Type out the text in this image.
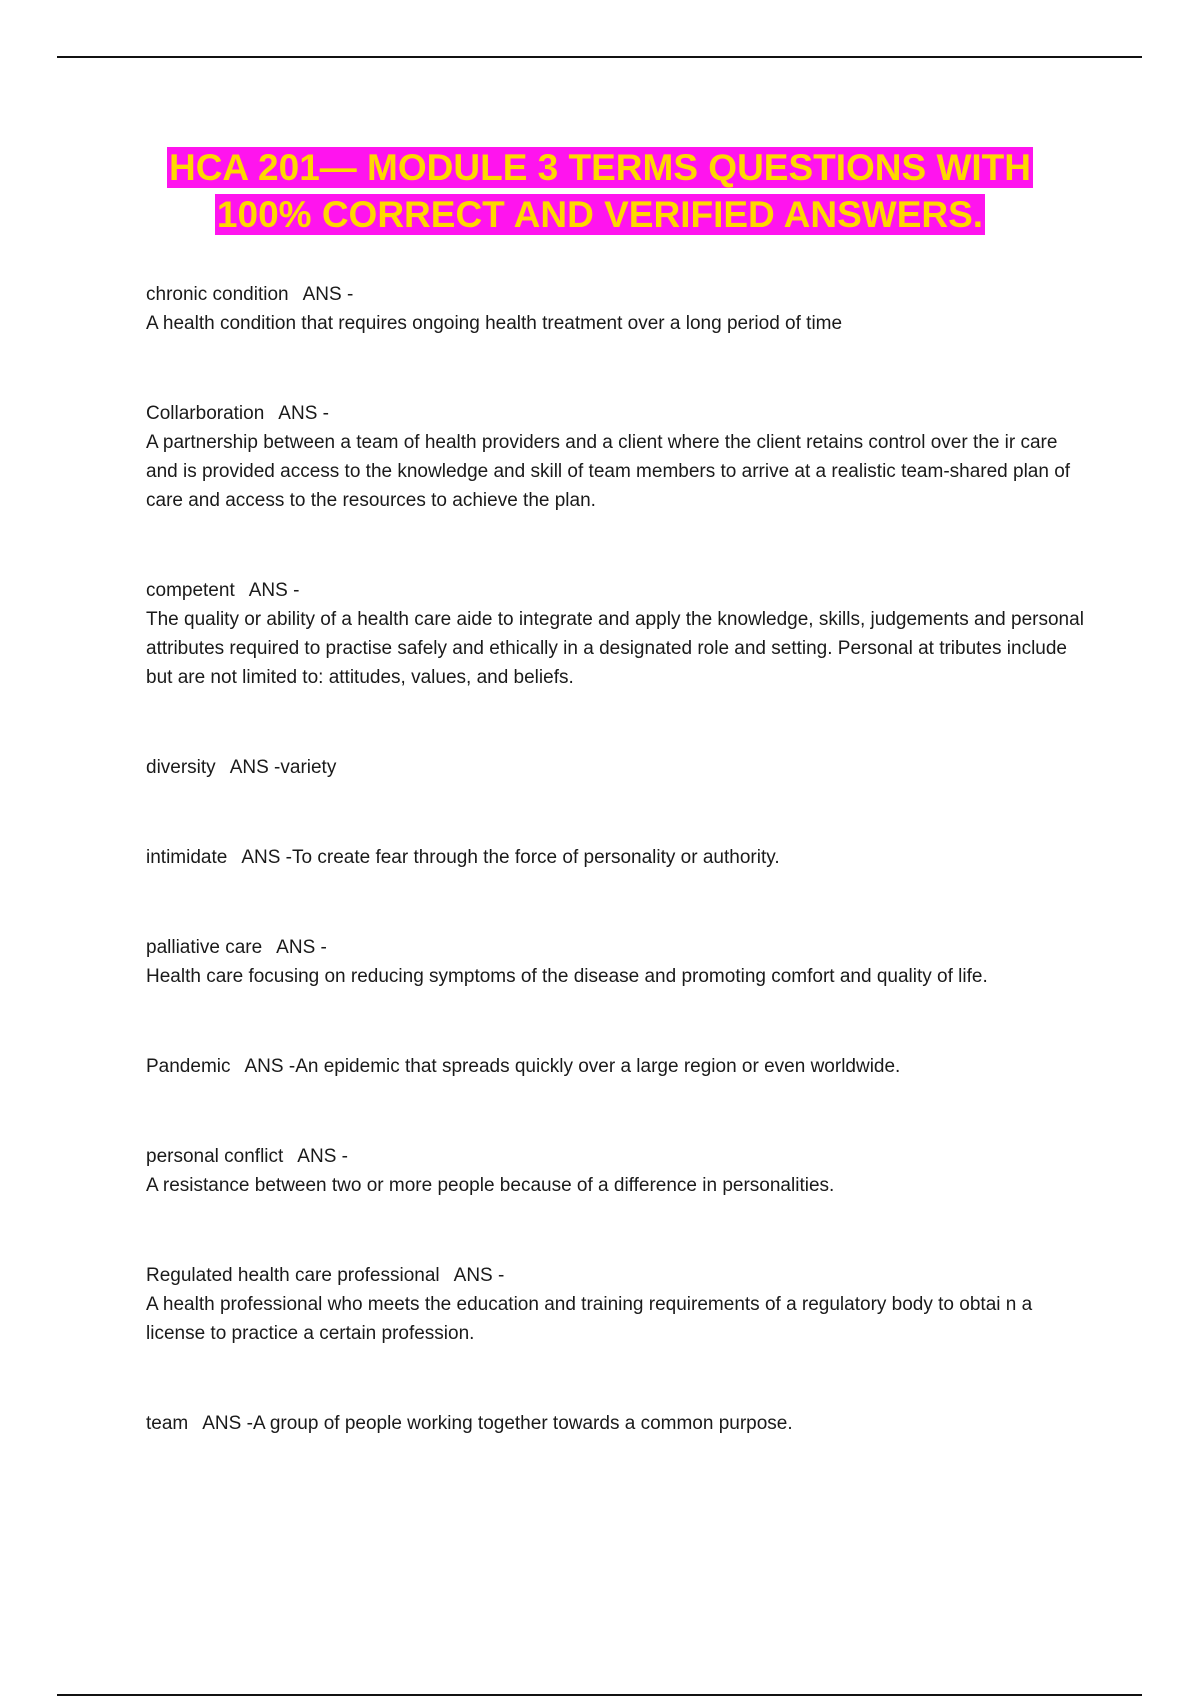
HCA 201— MODULE 3 TERMS QUESTIONS WITH
100% CORRECT AND VERIFIED ANSWERS.
chronic condition ANS -
A health condition that requires ongoing health treatment over a long period of time
Collarboration ANS -
A partnership between a team of health providers and a client where the client retains control over the ir care and is provided access to the knowledge and skill of team members to arrive at a realistic team-shared plan of care and access to the resources to achieve the plan.
competent ANS -
The quality or ability of a health care aide to integrate and apply the knowledge, skills, judgements and personal attributes required to practise safely and ethically in a designated role and setting. Personal at tributes include but are not limited to: attitudes, values, and beliefs.
diversity ANS -variety
intimidate ANS -To create fear through the force of personality or authority.
palliative care ANS -
Health care focusing on reducing symptoms of the disease and promoting comfort and quality of life.
Pandemic ANS -An epidemic that spreads quickly over a large region or even worldwide.
personal conflict ANS -
A resistance between two or more people because of a difference in personalities.
Regulated health care professional ANS -
A health professional who meets the education and training requirements of a regulatory body to obtai n a license to practice a certain profession.
team ANS -A group of people working together towards a common purpose.
